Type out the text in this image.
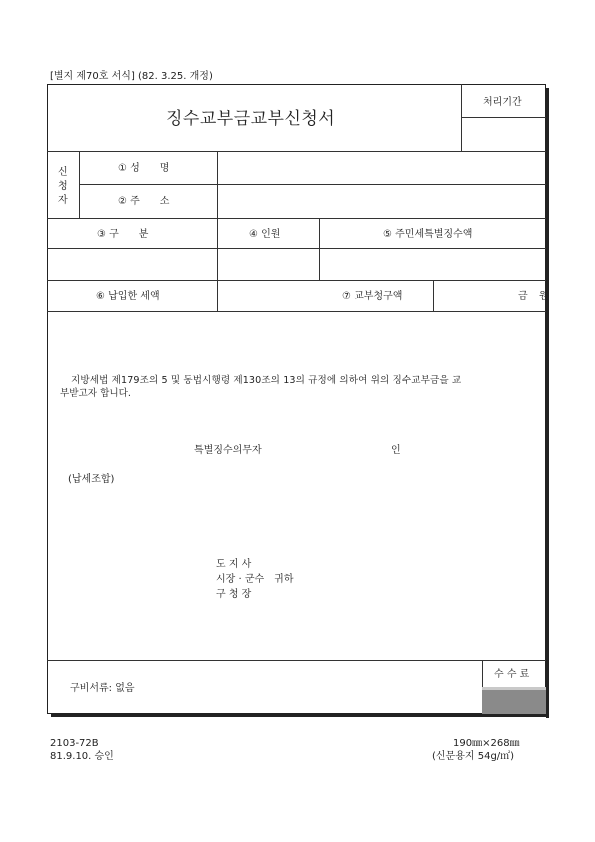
[별지 제70호 서식] (82. 3.25. 개정)
징수교부금교부신청서
처리기간
신
청
자
① 성　　명
② 주　　소
③ 구　　분	④ 인원	⑤ 주민세특별징수액
⑥ 납입한 세액	⑦ 교부청구액	금 원
지방세법 제179조의 5 및 동법시행령 제130조의 13의 규정에 의하여 위의 징수교부금을 교
부받고자 합니다.
특별징수의무자	인
(납세조합)
도 지 사
시장 · 군수　귀하
구 청 장
구비서류: 없음
수 수 료
2103-72B
81.9.10. 승인
190㎜×268㎜
(신문용지 54g/㎡)
